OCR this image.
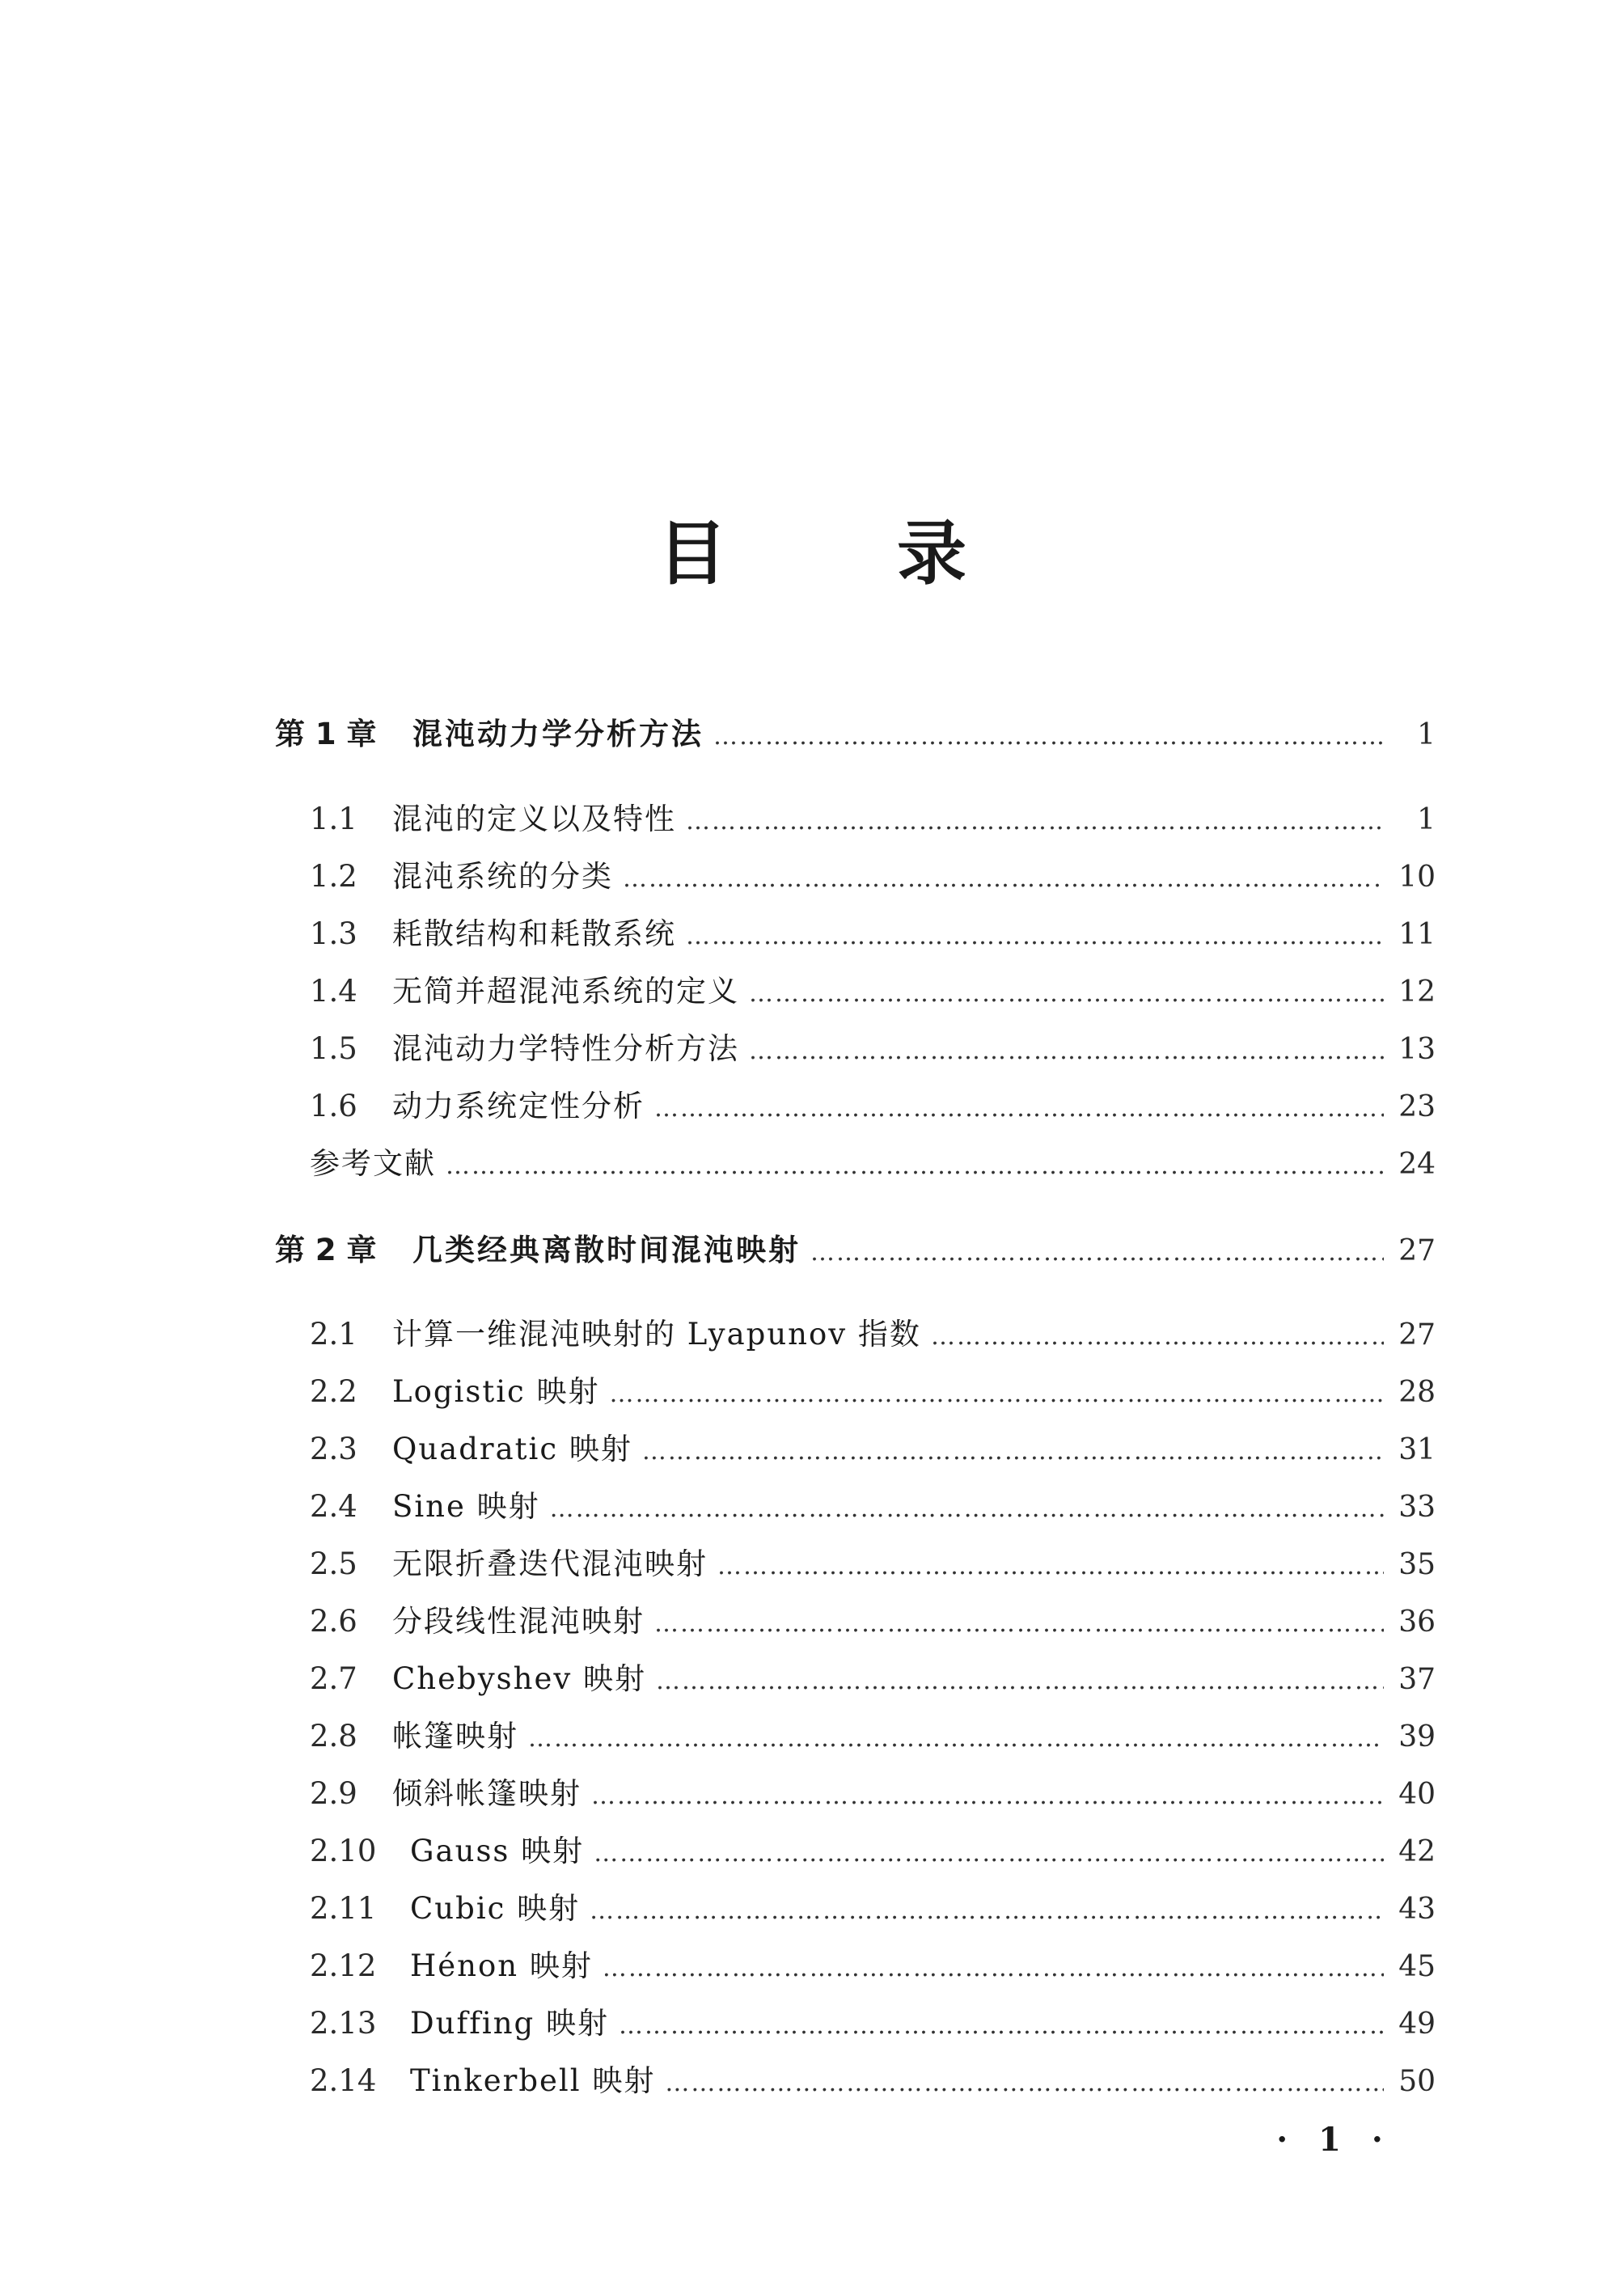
目 录
第 1 章	混沌动力学分析方法 ……………………………………………………………………………………………………………………………………………………………………………………………………………………	1
1.1	混沌的定义以及特性 ……………………………………………………………………………………………………………………………………………………………………………………………………………………	1
1.2	混沌系统的分类 ……………………………………………………………………………………………………………………………………………………………………………………………………………………	10
1.3	耗散结构和耗散系统 ……………………………………………………………………………………………………………………………………………………………………………………………………………………	11
1.4	无简并超混沌系统的定义 ……………………………………………………………………………………………………………………………………………………………………………………………………………………	12
1.5	混沌动力学特性分析方法 ……………………………………………………………………………………………………………………………………………………………………………………………………………………	13
1.6	动力系统定性分析 ……………………………………………………………………………………………………………………………………………………………………………………………………………………	23
参考文献 ……………………………………………………………………………………………………………………………………………………………………………………………………………………	24
第 2 章	几类经典离散时间混沌映射 ……………………………………………………………………………………………………………………………………………………………………………………………………………………	27
2.1	计算一维混沌映射的 Lyapunov 指数 ……………………………………………………………………………………………………………………………………………………………………………………………………………………	27
2.2	Logistic 映射 ……………………………………………………………………………………………………………………………………………………………………………………………………………………	28
2.3	Quadratic 映射 ……………………………………………………………………………………………………………………………………………………………………………………………………………………	31
2.4	Sine 映射 ……………………………………………………………………………………………………………………………………………………………………………………………………………………	33
2.5	无限折叠迭代混沌映射 ……………………………………………………………………………………………………………………………………………………………………………………………………………………	35
2.6	分段线性混沌映射 ……………………………………………………………………………………………………………………………………………………………………………………………………………………	36
2.7	Chebyshev 映射 ……………………………………………………………………………………………………………………………………………………………………………………………………………………	37
2.8	帐篷映射 ……………………………………………………………………………………………………………………………………………………………………………………………………………………	39
2.9	倾斜帐篷映射 ……………………………………………………………………………………………………………………………………………………………………………………………………………………	40
2.10	Gauss 映射 ……………………………………………………………………………………………………………………………………………………………………………………………………………………	42
2.11	Cubic 映射 ……………………………………………………………………………………………………………………………………………………………………………………………………………………	43
2.12	Hénon 映射 ……………………………………………………………………………………………………………………………………………………………………………………………………………………	45
2.13	Duffing 映射 ……………………………………………………………………………………………………………………………………………………………………………………………………………………	49
2.14	Tinkerbell 映射 ……………………………………………………………………………………………………………………………………………………………………………………………………………………	50
· 1 ·
